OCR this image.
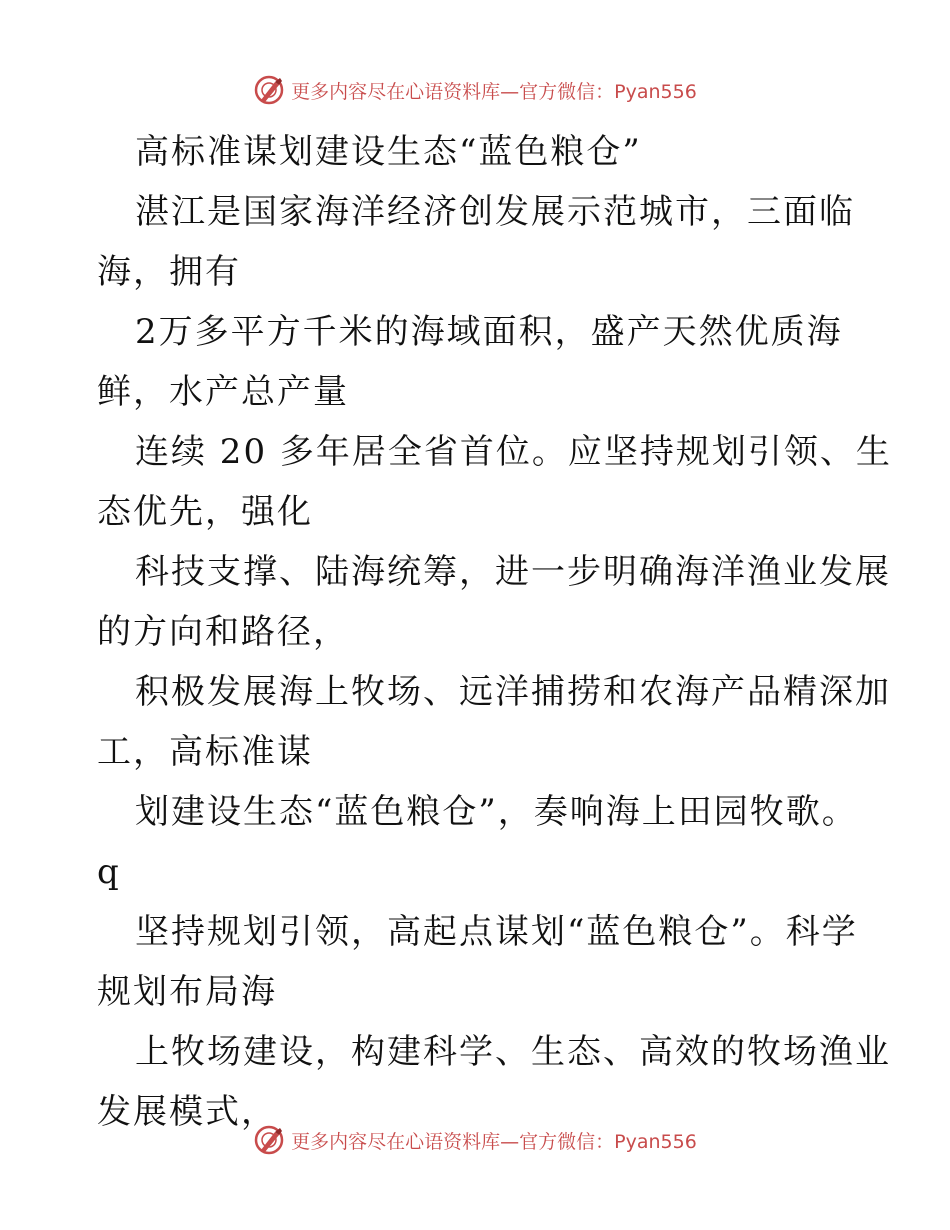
更多内容尽在心语资料库—官方微信：Pyan556
高标准谋划建设生态“蓝色粮仓”
湛江是国家海洋经济创发展示范城市，三面临
海，拥有
2万多平方千米的海域面积，盛产天然优质海
鲜，水产总产量
连续 20 多年居全省首位。应坚持规划引领、生
态优先，强化
科技支撑、陆海统筹，进一步明确海洋渔业发展
的方向和路径，
积极发展海上牧场、远洋捕捞和农海产品精深加
工，高标准谋
划建设生态“蓝色粮仓”，奏响海上田园牧歌。
q
坚持规划引领，高起点谋划“蓝色粮仓”。科学
规划布局海
上牧场建设，构建科学、生态、高效的牧场渔业
发展模式，
更多内容尽在心语资料库—官方微信：Pyan556
